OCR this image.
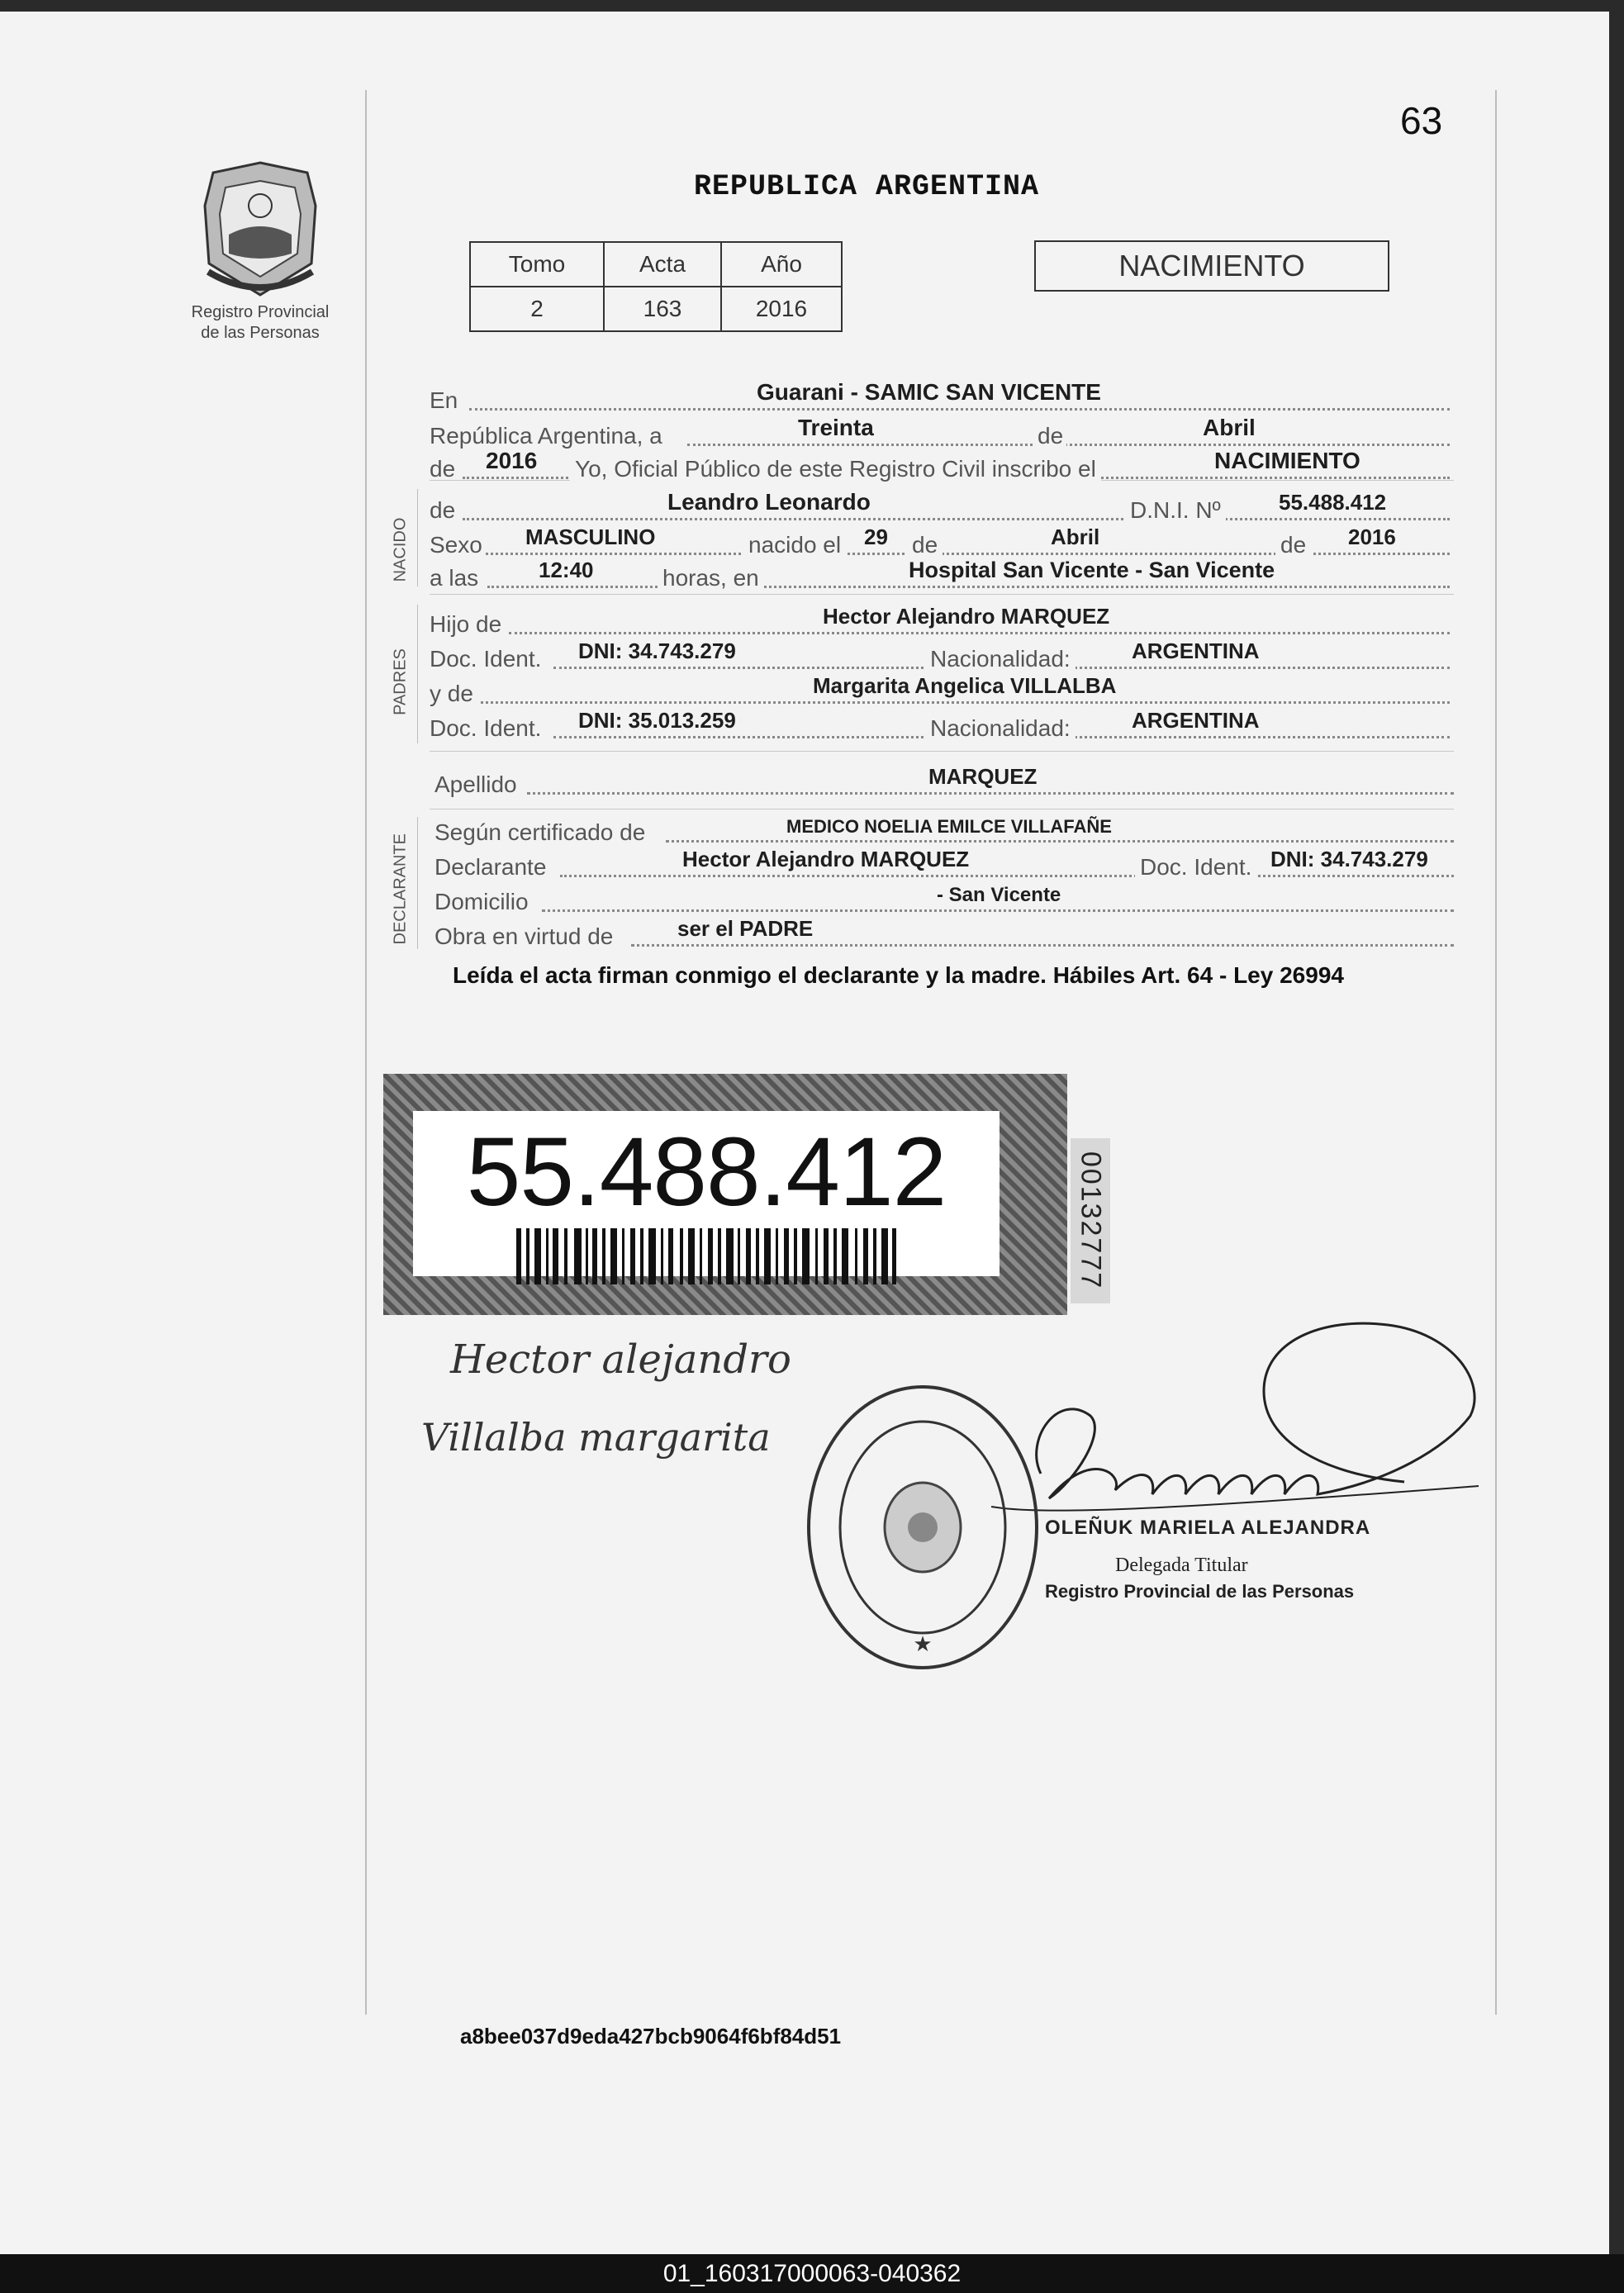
63
REPUBLICA ARGENTINA
Registro Provincial
de las Personas
Tomo	Acta	Año
2	163	2016
NACIMIENTO
NACIDO
PADRES
DECLARANTE
En	Guarani - SAMIC SAN VICENTE
República Argentina, a	Treinta	de	Abril
de 2016 Yo, Oficial Público de este Registro Civil inscribo el	NACIMIENTO
de	Leandro Leonardo	D.N.I. Nº	55.488.412
Sexo MASCULINO	nacido el 29 de	Abril	de 2016
a las	12:40	horas, en	Hospital San Vicente - San Vicente
Hijo de	Hector Alejandro MARQUEZ
Doc. Ident. DNI: 34.743.279	Nacionalidad:	ARGENTINA
y de	Margarita Angelica VILLALBA
Doc. Ident. DNI: 35.013.259	Nacionalidad:	ARGENTINA
Apellido	MARQUEZ
Según certificado de	MEDICO NOELIA EMILCE VILLAFAÑE
Declarante	Hector Alejandro MARQUEZ	Doc. Ident. DNI: 34.743.279
Domicilio	- San Vicente
Obra en virtud de	ser el PADRE
Leída el acta firman conmigo el declarante y la madre. Hábiles Art. 64 - Ley 26994
55.488.412	00132777
Hector alejandro
Villalba margarita
★
OLEÑUK MARIELA ALEJANDRA
Delegada Titular
Registro Provincial de las Personas
a8bee037d9eda427bcb9064f6bf84d51
01_160317000063-040362
